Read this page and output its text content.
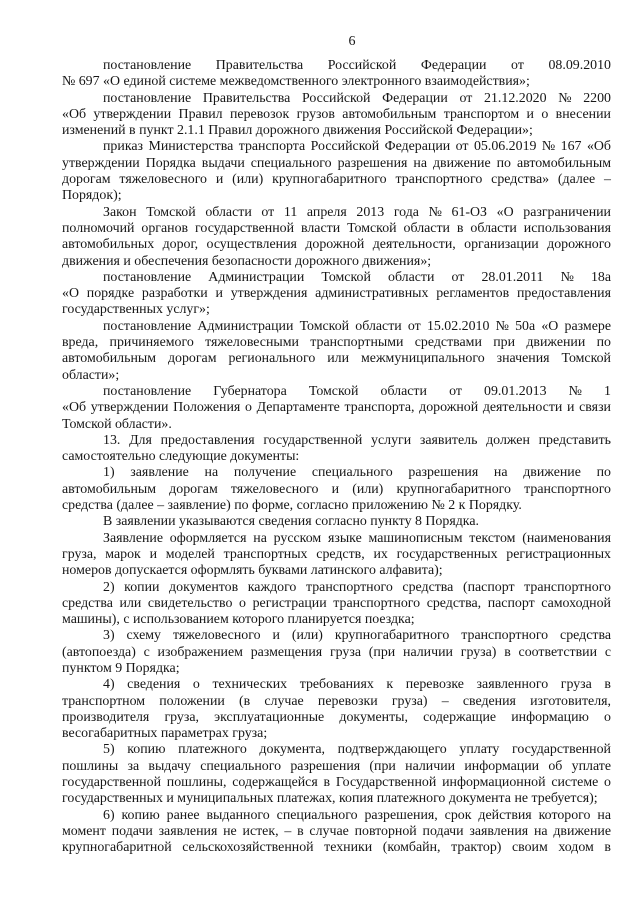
6
постановление Правительства Российской Федерации от 08.09.2010
№ 697 «О единой системе межведомственного электронного взаимодействия»;
постановление Правительства Российской Федерации от 21.12.2020 № 2200
«Об утверждении Правил перевозок грузов автомобильным транспортом и о внесении
изменений в пункт 2.1.1 Правил дорожного движения Российской Федерации»;
приказ Министерства транспорта Российской Федерации от 05.06.2019 № 167 «Об
утверждении Порядка выдачи специального разрешения на движение по автомобильным
дорогам тяжеловесного и (или) крупногабаритного транспортного средства» (далее –
Порядок);
Закон Томской области от 11 апреля 2013 года № 61-ОЗ «О разграничении
полномочий органов государственной власти Томской области в области использования
автомобильных дорог, осуществления дорожной деятельности, организации дорожного
движения и обеспечения безопасности дорожного движения»;
постановление Администрации Томской области от 28.01.2011 № 18а
«О порядке разработки и утверждения административных регламентов предоставления
государственных услуг»;
постановление Администрации Томской области от 15.02.2010 № 50а «О размере
вреда, причиняемого тяжеловесными транспортными средствами при движении по
автомобильным дорогам регионального или межмуниципального значения Томской
области»;
постановление Губернатора Томской области от 09.01.2013 № 1
«Об утверждении Положения о Департаменте транспорта, дорожной деятельности и связи
Томской области».
13. Для предоставления государственной услуги заявитель должен представить
самостоятельно следующие документы:
1) заявление на получение специального разрешения на движение по
автомобильным дорогам тяжеловесного и (или) крупногабаритного транспортного
средства (далее – заявление) по форме, согласно приложению № 2 к Порядку.
В заявлении указываются сведения согласно пункту 8 Порядка.
Заявление оформляется на русском языке машинописным текстом (наименования
груза, марок и моделей транспортных средств, их государственных регистрационных
номеров допускается оформлять буквами латинского алфавита);
2) копии документов каждого транспортного средства (паспорт транспортного
средства или свидетельство о регистрации транспортного средства, паспорт самоходной
машины), с использованием которого планируется поездка;
3) схему тяжеловесного и (или) крупногабаритного транспортного средства
(автопоезда) с изображением размещения груза (при наличии груза) в соответствии с
пунктом 9 Порядка;
4) сведения о технических требованиях к перевозке заявленного груза в
транспортном положении (в случае перевозки груза) – сведения изготовителя,
производителя груза, эксплуатационные документы, содержащие информацию о
весогабаритных параметрах груза;
5) копию платежного документа, подтверждающего уплату государственной
пошлины за выдачу специального разрешения (при наличии информации об уплате
государственной пошлины, содержащейся в Государственной информационной системе о
государственных и муниципальных платежах, копия платежного документа не требуется);
6) копию ранее выданного специального разрешения, срок действия которого на
момент подачи заявления не истек, – в случае повторной подачи заявления на движение
крупногабаритной сельскохозяйственной техники (комбайн, трактор) своим ходом в
